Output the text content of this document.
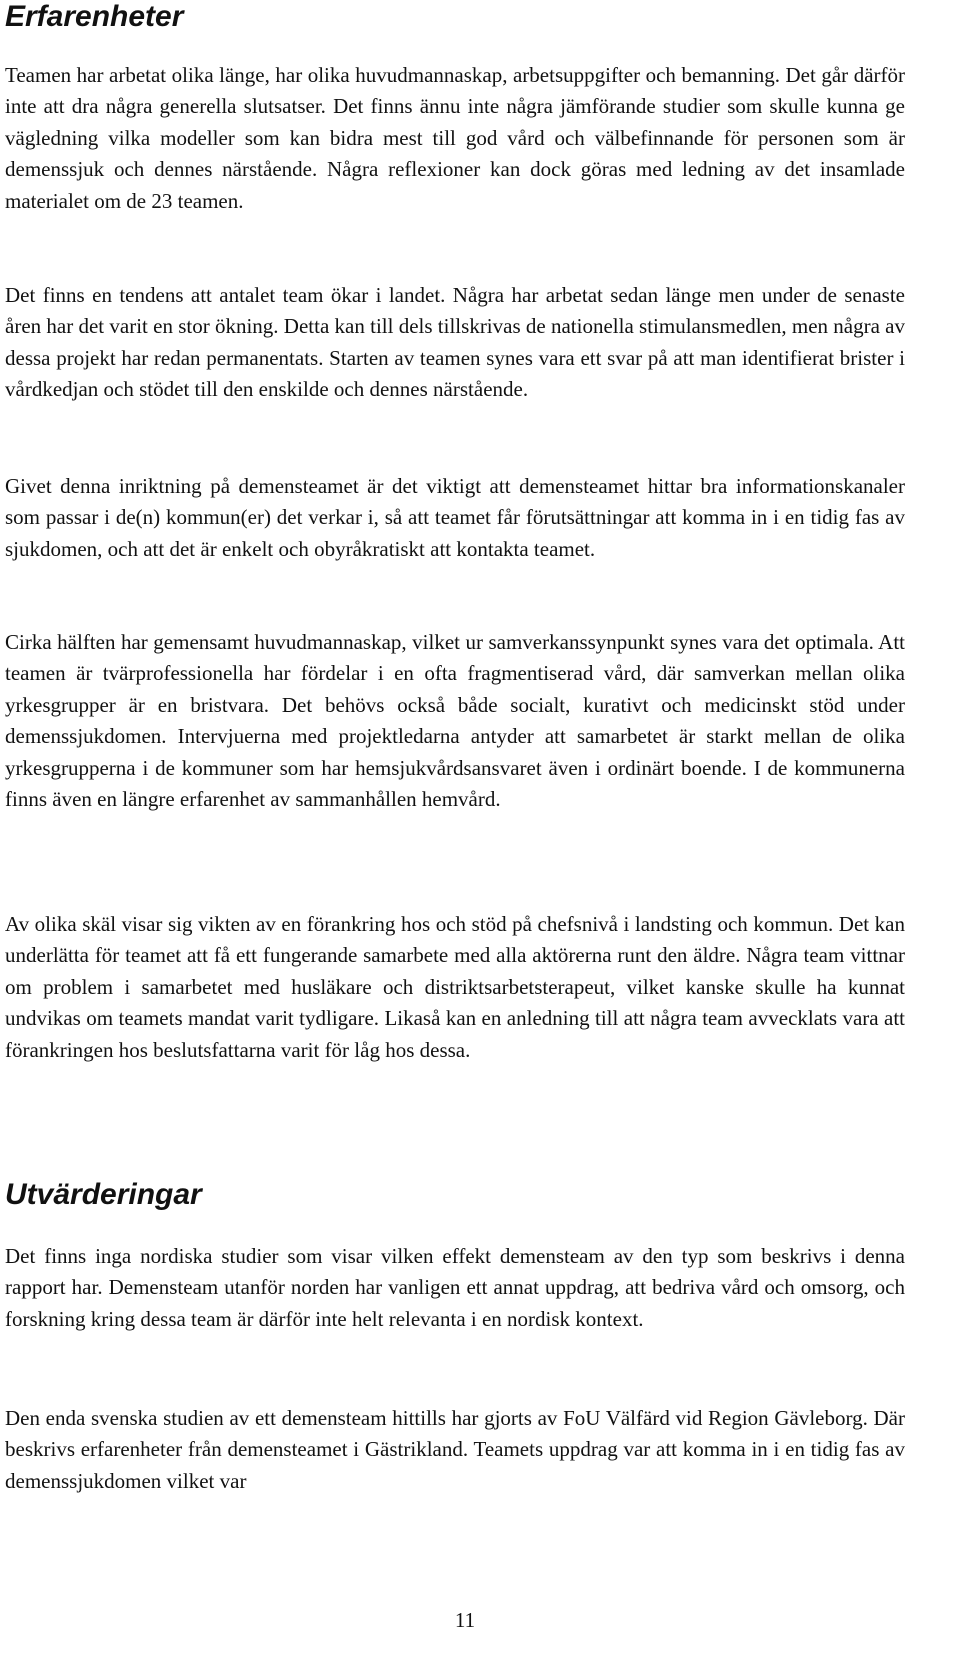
Erfarenheter

Teamen har arbetat olika länge, har olika huvudmannaskap, arbetsuppgifter och bemanning. Det går därför inte att dra några generella slutsatser. Det finns ännu inte några jämförande studier som skulle kunna ge vägledning vilka modeller som kan bidra mest till god vård och välbefinnande för personen som är demenssjuk och dennes närstående. Några reflexioner kan dock göras med ledning av det insamlade materialet om de 23 teamen.

Det finns en tendens att antalet team ökar i landet. Några har arbetat sedan länge men under de senaste åren har det varit en stor ökning. Detta kan till dels tillskrivas de nationella stimulansmedlen, men några av dessa projekt har redan permanentats. Starten av teamen synes vara ett svar på att man identifierat brister i vårdkedjan och stödet till den enskilde och dennes närstående.

Givet denna inriktning på demensteamet är det viktigt att demensteamet hittar bra informationskanaler som passar i de(n) kommun(er) det verkar i, så att teamet får förutsättningar att komma in i en tidig fas av sjukdomen, och att det är enkelt och obyråkratiskt att kontakta teamet.

Cirka hälften har gemensamt huvudmannaskap, vilket ur samverkanssynpunkt synes vara det optimala. Att teamen är tvärprofessionella har fördelar i en ofta fragmentiserad vård, där samverkan mellan olika yrkesgrupper är en bristvara. Det behövs också både socialt, kurativt och medicinskt stöd under demenssjukdomen. Intervjuerna med projektledarna antyder att samarbetet är starkt mellan de olika yrkesgrupperna i de kommuner som har hemsjukvårdsansvaret även i ordinärt boende. I de kommunerna finns även en längre erfarenhet av sammanhållen hemvård.

Av olika skäl visar sig vikten av en förankring hos och stöd på chefsnivå i landsting och kommun. Det kan underlätta för teamet att få ett fungerande samarbete med alla aktörerna runt den äldre. Några team vittnar om problem i samarbetet med husläkare och distriktsarbetsterapeut, vilket kanske skulle ha kunnat undvikas om teamets mandat varit tydligare. Likaså kan en anledning till att några team avvecklats vara att förankringen hos beslutsfattarna varit för låg hos dessa.

Utvärderingar

Det finns inga nordiska studier som visar vilken effekt demensteam av den typ som beskrivs i denna rapport har. Demensteam utanför norden har vanligen ett annat uppdrag, att bedriva vård och omsorg, och forskning kring dessa team är därför inte helt relevanta i en nordisk kontext.

Den enda svenska studien av ett demensteam hittills har gjorts av FoU Välfärd vid Region Gävleborg. Där beskrivs erfarenheter från demensteamet i Gästrikland. Teamets uppdrag var att komma in i en tidig fas av demenssjukdomen vilket var

11
